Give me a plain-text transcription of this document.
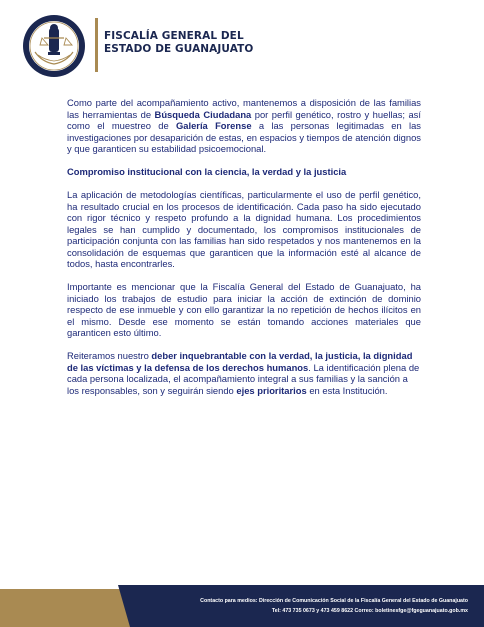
FISCALÍA GENERAL DEL
ESTADO DE GUANAJUATO

Como parte del acompañamiento activo, mantenemos a disposición de las familias las herramientas de Búsqueda Ciudadana por perfil genético, rostro y huellas; así como el muestreo de Galería Forense a las personas legitimadas en las investigaciones por desaparición de estas, en espacios y tiempos de atención dignos y que garanticen su estabilidad psicoemocional.

Compromiso institucional con la ciencia, la verdad y la justicia

La aplicación de metodologías científicas, particularmente el uso de perfil genético, ha resultado crucial en los procesos de identificación. Cada paso ha sido ejecutado con rigor técnico y respeto profundo a la dignidad humana. Los procedimientos legales se han cumplido y documentado, los compromisos institucionales de participación conjunta con las familias han sido respetados y nos mantenemos en la consolidación de esquemas que garanticen que la información esté al alcance de todos, hasta encontrarles.

Importante es mencionar que la Fiscalía General del Estado de Guanajuato, ha iniciado los trabajos de estudio para iniciar la acción de extinción de dominio respecto de ese inmueble y con ello garantizar la no repetición de hechos ilícitos en el mismo. Desde ese momento se están tomando acciones materiales que garanticen esto último.

Reiteramos nuestro deber inquebrantable con la verdad, la justicia, la dignidad de las víctimas y la defensa de los derechos humanos. La identificación plena de cada persona localizada, el acompañamiento integral a sus familias y la sanción a los responsables, son y seguirán siendo ejes prioritarios en esta Institución.

Contacto para medios: Dirección de Comunicación Social de la Fiscalía General del Estado de Guanajuato
Tel: 473 735 0673 y 473 459 8622 Correo: boletinesfge@fgeguanajuato.gob.mx
